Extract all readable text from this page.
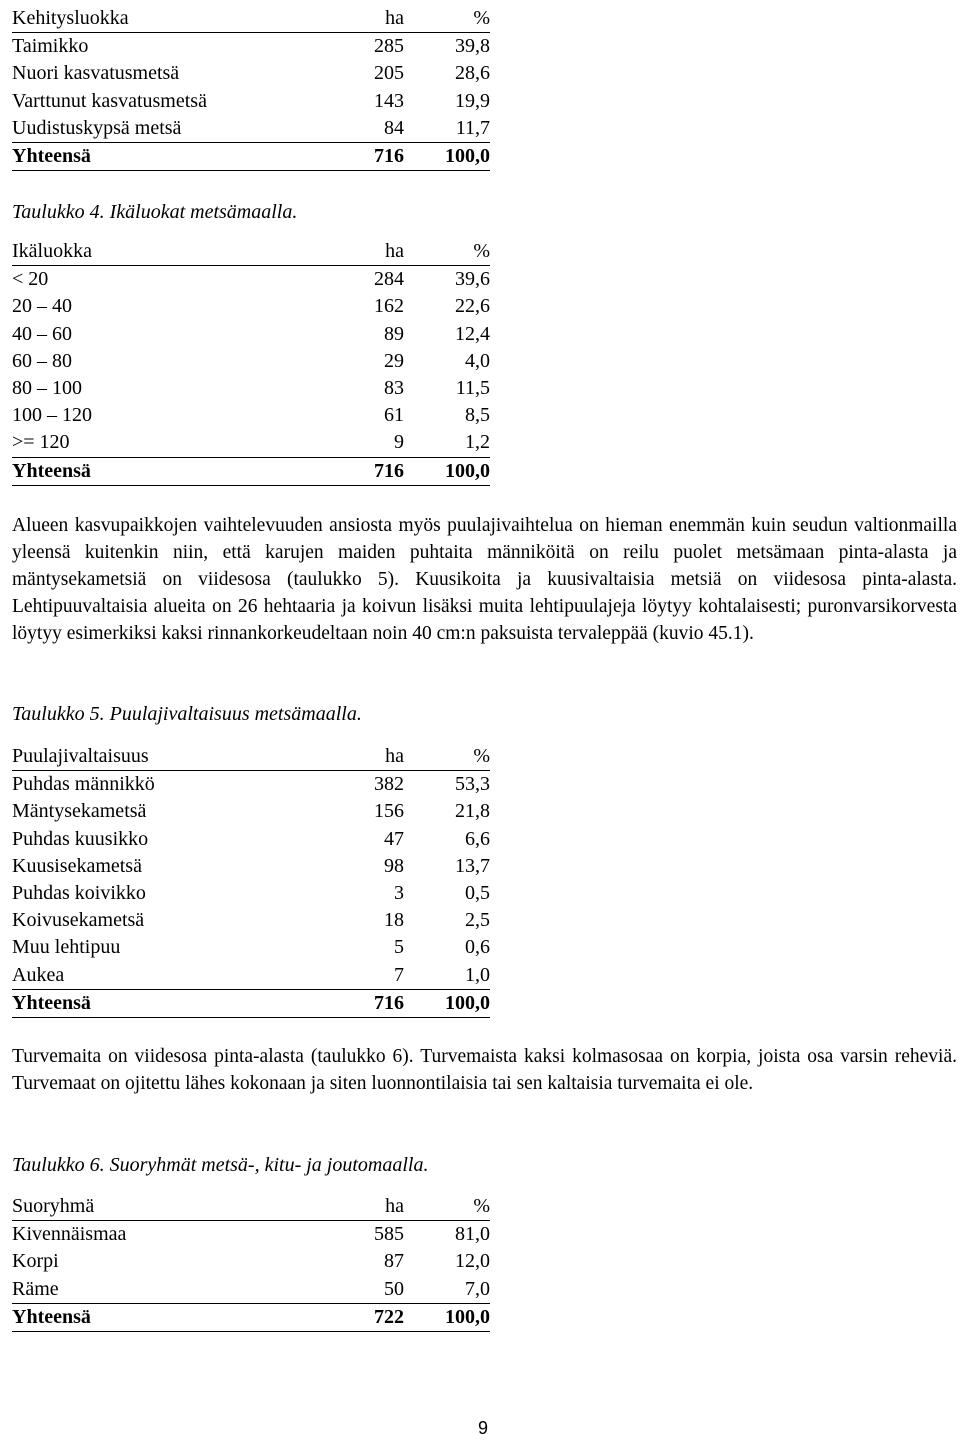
Kehitysluokka	ha	%
Taimikko	285	39,8
Nuori kasvatusmetsä	205	28,6
Varttunut kasvatusmetsä	143	19,9
Uudistuskypsä metsä	84	11,7
Yhteensä	716	100,0
Taulukko 4. Ikäluokat metsämaalla.
Ikäluokka	ha	%
< 20	284	39,6
20 – 40	162	22,6
40 – 60	89	12,4
60 – 80	29	4,0
80 – 100	83	11,5
100 – 120	61	8,5
>= 120	9	1,2
Yhteensä	716	100,0
Alueen kasvupaikkojen vaihtelevuuden ansiosta myös puulajivaihtelua on hieman enemmän kuin seudun valtionmailla yleensä kuitenkin niin, että karujen maiden puhtaita männiköitä on reilu puolet metsämaan pinta-alasta ja mäntysekametsiä on viidesosa (taulukko 5). Kuusikoita ja kuusivaltaisia metsiä on viidesosa pinta-alasta. Lehtipuuvaltaisia alueita on 26 hehtaaria ja koivun lisäksi muita lehtipuulajeja löytyy kohtalaisesti; puronvarsikorvesta löytyy esimerkiksi kaksi rinnankorkeudeltaan noin 40 cm:n paksuista tervaleppää (kuvio 45.1).
Taulukko 5. Puulajivaltaisuus metsämaalla.
Puulajivaltaisuus	ha	%
Puhdas männikkö	382	53,3
Mäntysekametsä	156	21,8
Puhdas kuusikko	47	6,6
Kuusisekametsä	98	13,7
Puhdas koivikko	3	0,5
Koivusekametsä	18	2,5
Muu lehtipuu	5	0,6
Aukea	7	1,0
Yhteensä	716	100,0
Turvemaita on viidesosa pinta-alasta (taulukko 6). Turvemaista kaksi kolmasosaa on korpia, joista osa varsin reheviä. Turvemaat on ojitettu lähes kokonaan ja siten luonnontilaisia tai sen kaltaisia turvemaita ei ole.
Taulukko 6. Suoryhmät metsä-, kitu- ja joutomaalla.
Suoryhmä	ha	%
Kivennäismaa	585	81,0
Korpi	87	12,0
Räme	50	7,0
Yhteensä	722	100,0
9
